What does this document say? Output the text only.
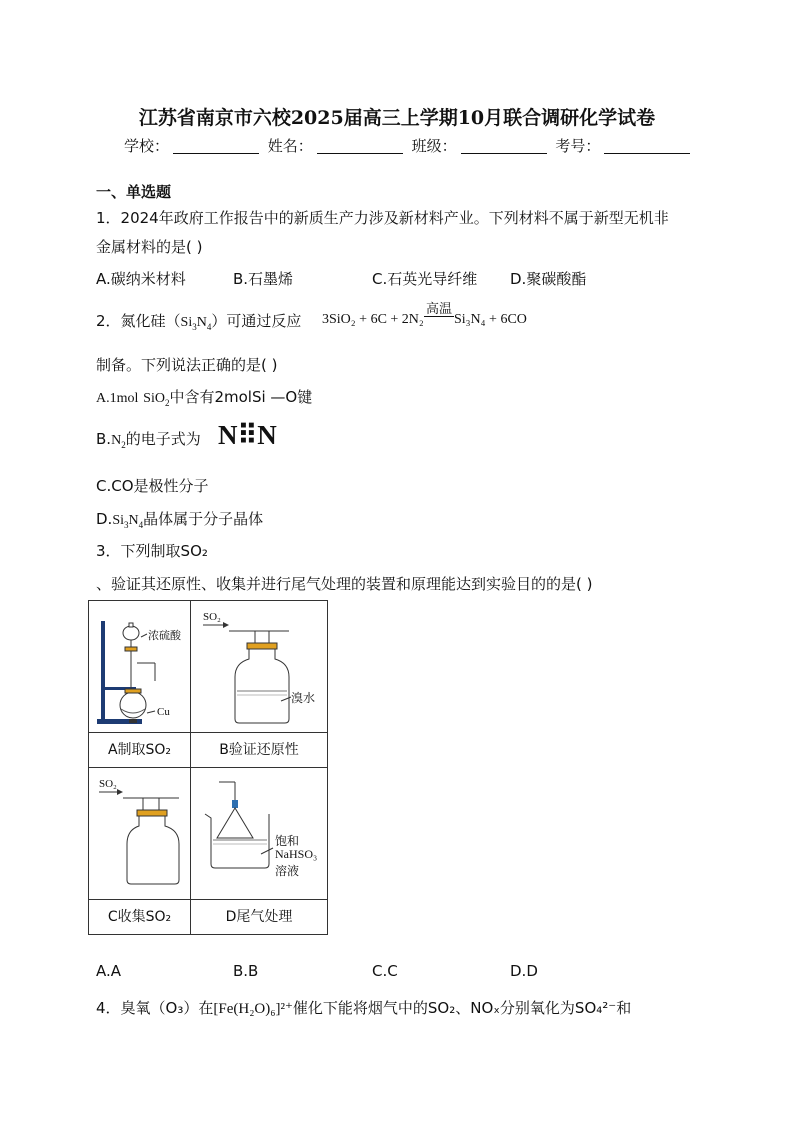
江苏省南京市六校2025届高三上学期10月联合调研化学试卷
学校：	姓名：	班级：	考号：
一、单选题
1．2024年政府工作报告中的新质生产力涉及新材料产业。下列材料不属于新型无机非
金属材料的是( )
A.碳纳米材料	B.石墨烯	C.石英光导纤维 D.聚碳酸酯
2．氮化硅$(Si_3N_4)$可通过反应 3SiO₂ + 6C + 2N₂
高温
Si₃N₄ + 6CO
制备。下列说法正确的是( )
A.1mol SiO$_2$中含有2molSi —O键
$B.N_2$的电子式为 N⠿N
C.CO是极性分子
$D.Si_3N_4$晶体属于分子晶体
3．下列制取SO₂
、验证其还原性、收集并进行尾气处理的装置和原理能达到实验目的的是( )
浓硫酸
Cu	SO₂
溴水

A制取SO₂	B验证还原性

SO₂	饱和
NaHSO₃
溶液

C收集SO₂	D尾气处理
A.A	B.B	C.C	D.D
4．臭氧（O₃）在[Fe(H₂O)₆]²⁺催化下能将烟气中的SO₂、NOₓ分别氧化为SO₄²⁻和
